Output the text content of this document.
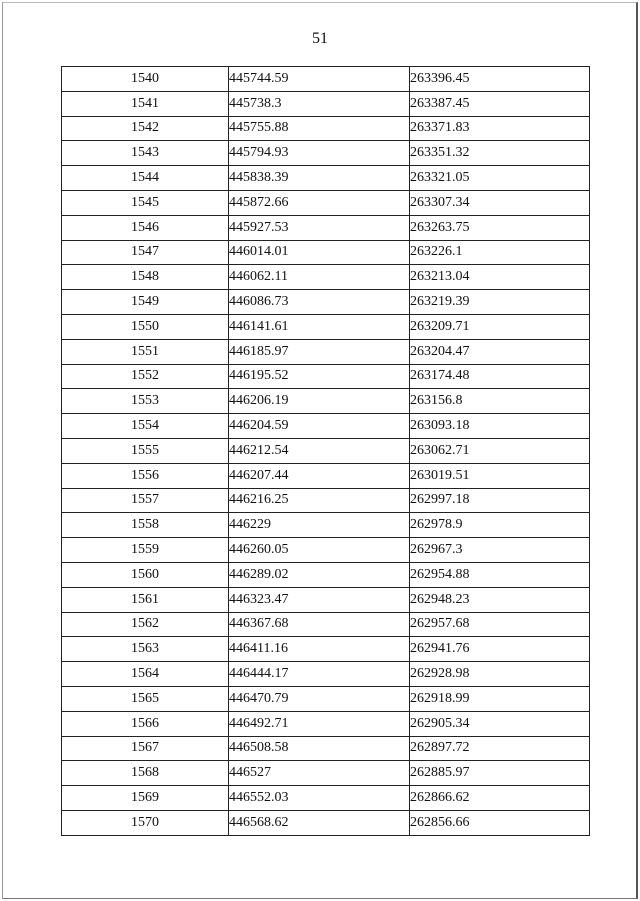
51
1540	445744.59	263396.45
1541	445738.3	263387.45
1542	445755.88	263371.83
1543	445794.93	263351.32
1544	445838.39	263321.05
1545	445872.66	263307.34
1546	445927.53	263263.75
1547	446014.01	263226.1
1548	446062.11	263213.04
1549	446086.73	263219.39
1550	446141.61	263209.71
1551	446185.97	263204.47
1552	446195.52	263174.48
1553	446206.19	263156.8
1554	446204.59	263093.18
1555	446212.54	263062.71
1556	446207.44	263019.51
1557	446216.25	262997.18
1558	446229	262978.9
1559	446260.05	262967.3
1560	446289.02	262954.88
1561	446323.47	262948.23
1562	446367.68	262957.68
1563	446411.16	262941.76
1564	446444.17	262928.98
1565	446470.79	262918.99
1566	446492.71	262905.34
1567	446508.58	262897.72
1568	446527	262885.97
1569	446552.03	262866.62
1570	446568.62	262856.66
